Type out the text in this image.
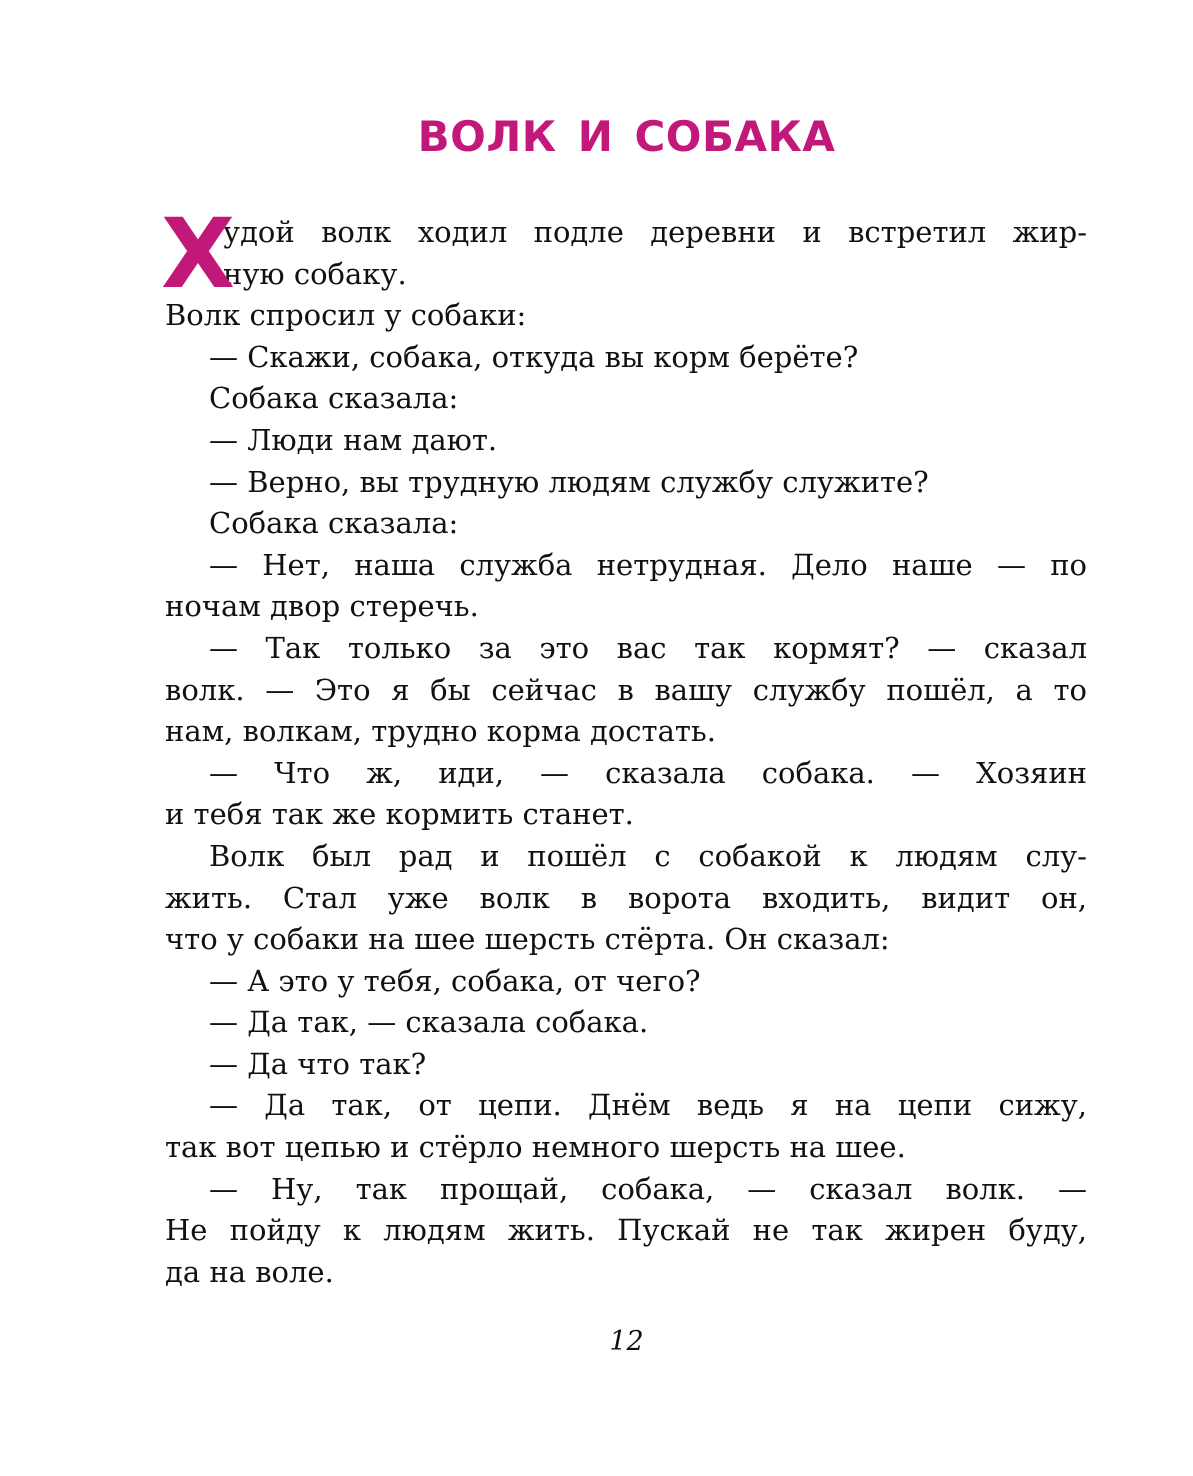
ВОЛК И СОБАКА
Х
удой волк ходил подле деревни и встретил жир-
ную собаку.
Волк спросил у собаки:
— Скажи, собака, откуда вы корм берёте?
Собака сказала:
— Люди нам дают.
— Верно, вы трудную людям службу служите?
Собака сказала:
— Нет, наша служба нетрудная. Дело наше — по
ночам двор стеречь.
— Так только за это вас так кормят? — сказал
волк. — Это я бы сейчас в вашу службу пошёл, а то
нам, волкам, трудно корма достать.
— Что ж, иди, — сказала собака. — Хозяин
и тебя так же кормить станет.
Волк был рад и пошёл с собакой к людям слу-
жить. Стал уже волк в ворота входить, видит он,
что у собаки на шее шерсть стёрта. Он сказал:
— А это у тебя, собака, от чего?
— Да так, — сказала собака.
— Да что так?
— Да так, от цепи. Днём ведь я на цепи сижу,
так вот цепью и стёрло немного шерсть на шее.
— Ну, так прощай, собака, — сказал волк. —
Не пойду к людям жить. Пускай не так жирен буду,
да на воле.
12
